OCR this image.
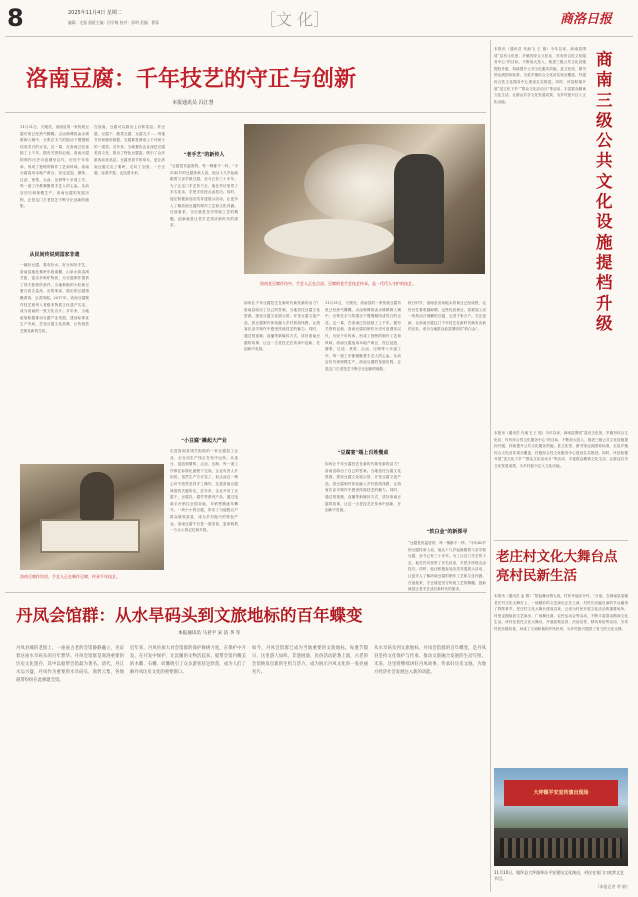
8	2025年11月4日 星期二
编辑：毛强 值班主编：田学敏 校对：郭明 美编：曹蓉	［文 化］	商洛日报
洛南豆腐：千年技艺的守正与创新
本报通讯员 冯江慧
11月31日，天刚亮，洛南县的一家传统豆腐坊里已经热气腾腾。点卤师傅将卤水缓缓倒入锅中，豆浆在木勺的搅动下慢慢凝结成雪白的豆花。这一幕，在洛南已经延续了上千年。据有关资料记载，洛南豆腐的制作历史可追溯至汉代，历经千年传承，形成了独特的制作工艺和风味。洛南豆腐选用本地产黄豆，经过浸泡、磨浆、过滤、煮浆、点卤、压制等十多道工序，每一道工序都凝聚着手艺人的心血。从前店后坊到规模生产，洛南豆腐的发展历程，正是这门古老技艺不断守正创新的缩影。
从民间传说到国家非遗
一碗好豆腐，要有好水、好豆和好手艺。洛南县地处秦岭东段南麓，山泉水质清冽甘甜，富含多种矿物质，为豆腐制作提供了得天独厚的条件。当地种植的小粒黄豆蛋白质含量高，出浆率高，做出的豆腐细嫩滑爽，豆香浓郁。2017年，洛南豆腐制作技艺被列入省级非物质文化遗产名录，成为洛南的一张文化名片。多年来，当地政府积极推动豆腐产业发展，建设标准化生产车间，打造豆腐文化品牌，让传统技艺焕发新的生机。
在洛南，豆腐可以做出上百种菜品。炸豆腐、豆腐干、酸菜豆腐、豆腐丸子……每逢节庆和婚丧嫁娶，豆腐都是餐桌上不可缺少的一道菜。近年来，当地餐饮企业深挖豆腐美食文化，推出了特色豆腐宴，吸引了众多游客前来品尝。豆腐美食节的举办，更让洛南豆腐走出了秦岭，走向了全国。一方豆腐，连着乡愁，也连着未来。
“老手艺”的新传人
“豆腐是有温度的，每一锅都不一样。”今年45岁的豆腐传承人说，他从十几岁起就跟着父亲学做豆腐，至今已有三十多年。为了让这门手艺传下去，他在作坊里带了多名徒弟，手把手传授点卤技巧。同时，他还积极参加各类非遗展示活动，让更多人了解洛南豆腐的制作工艺和文化内涵。在他看来，守正就是坚守传统工艺的精髓，创新就是让老手艺适应新时代的需求。
“小豆腐”撬起大产业
走进洛南县城关街道的一家豆腐加工企业，全自动生产线正在有序运转。从选豆、浸泡到磨浆、点卤、压制，每一道工序都在标准化流程下完成。企业负责人介绍说，虽然生产方式变了，但点卤这一核心环节依然坚持手工操作，这是洛南豆腐味道的关键所在。近年来，企业开发了豆腐干、豆腐乳、腐竹等系列产品，通过电商平台销往全国各地，年销售额逐年攀升。一块小小的豆腐，带动了当地数百户群众增收致富，成为乡村振兴的特色产业。洛南豆腐不仅是一道美食，更承载着一方水土的记忆和乡愁。
洛南老豆腐作坊中，手艺人正在点卤。豆腐的老手艺技艺传承，是一代代人守护的技艺。
如何让千年豆腐技艺在新时代焕发新的活力？洛南县给出了自己的答案。当地依托豆腐文化资源，建设豆腐文化展示馆，开发豆腐文创产品，将豆腐制作体验融入乡村旅游线路，让游客在亲手制作中感受传统技艺的魅力。同时，通过短视频、直播等新媒体方式，讲好洛南豆腐的故事，让这一古老技艺在传承中创新，在创新中发展。
11月31日，天刚亮，洛南县的一家传统豆腐坊里已经热气腾腾。点卤师傅将卤水缓缓倒入锅中，豆浆在木勺的搅动下慢慢凝结成雪白的豆花。这一幕，在洛南已经延续了上千年。据有关资料记载，洛南豆腐的制作历史可追溯至汉代，历经千年传承，形成了独特的制作工艺和风味。洛南豆腐选用本地产黄豆，经过浸泡、磨浆、过滤、煮浆、点卤、压制等十多道工序，每一道工序都凝聚着手艺人的心血。从前店后坊到规模生产，洛南豆腐的发展历程，正是这门古老技艺不断守正创新的缩影。
“豆腐宴”端上百姓餐桌
如何让千年豆腐技艺在新时代焕发新的活力？洛南县给出了自己的答案。当地依托豆腐文化资源，建设豆腐文化展示馆，开发豆腐文创产品，将豆腐制作体验融入乡村旅游线路，让游客在亲手制作中感受传统技艺的魅力。同时，通过短视频、直播等新媒体方式，讲好洛南豆腐的故事，让这一古老技艺在传承中创新，在创新中发展。
秋日时节，洛南县田间地头的黄豆已经成熟，农民们忙着收割晾晒。这些优质黄豆，将被加工成一块块洁白细嫩的豆腐，走进千家万户。守正创新，让洛南豆腐这门千年技艺在新时代焕发出新的光彩，成为当地群众致富增收的“软白金”。
“软白金”的新探寻
“豆腐是有温度的，每一锅都不一样。”今年45岁的豆腐传承人说，他从十几岁起就跟着父亲学做豆腐，至今已有三十多年。为了让这门手艺传下去，他在作坊里带了多名徒弟，手把手传授点卤技巧。同时，他还积极参加各类非遗展示活动，让更多人了解洛南豆腐的制作工艺和文化内涵。在他看来，守正就是坚守传统工艺的精髓，创新就是让老手艺适应新时代的需求。
洛南豆腐作坊里，手艺人正在制作豆腐，传承千年技艺。
丹凤会馆群：从水旱码头到文旅地标的百年蝶变
本报通讯员 马君平 宋 洁 李 军
丹凤县城的老街上，一座座古老的会馆静静矗立，见证着这座水旱码头的百年繁华。丹凤会馆群是商洛重要的历史文化遗存，其中以船帮会馆最为著名。清代，丹江水运兴盛，丹凤作为重要的水旱码头，商贾云集，各地商帮纷纷在此修建会馆。
近年来，丹凤县加大对会馆群的保护修缮力度，在保护中开发，在开发中保护，让沉睡的文物活起来。船帮会馆内精美的木雕、石雕、砖雕吸引了众多游客驻足欣赏，成为人们了解丹凤历史文化的重要窗口。
如今，丹凤会馆群已成为当地重要的文旅地标。每逢节假日，这里游人如织，非遗展演、民俗活动轮番上演，古老的会馆焕发出新的生机与活力，成为展示丹凤文化的一张亮丽名片。
从水旱码头到文旅地标，丹凤会馆群的百年蝶变，是丹凤县坚持文化保护与传承、推动文旅融合发展的生动写照。未来，这里将继续讲好丹凤故事，传承好历史文脉，为地方经济社会发展注入新的动能。
本报讯（通讯员 代朋飞 王 瑞）今年以来，商南县围绕“县有文化馆、乡镇有综合文化站、村有综合性文化服务中心”的目标，不断加大投入，推进三级公共文化设施提档升级，持续提升公共文化服务效能。县文化馆、图书馆达到国家标准，全县乡镇综合文化站实现全覆盖，村级综合性文化服务中心建设扎实推进。同时，该县积极开展“送文化下乡”“群众文化活动月”等活动，丰富群众精神文化生活，让群众共享文化发展成果，为乡村振兴注入文化动能。
商南三级公共文化设施提档升级
本报讯（通讯员 代朋飞 王 瑞）今年以来，商南县围绕“县有文化馆、乡镇有综合文化站、村有综合性文化服务中心”的目标，不断加大投入，推进三级公共文化设施提档升级，持续提升公共文化服务效能。县文化馆、图书馆达到国家标准，全县乡镇综合文化站实现全覆盖，村级综合性文化服务中心建设扎实推进。同时，该县积极开展“送文化下乡”“群众文化活动月”等活动，丰富群众精神文化生活，让群众共享文化发展成果，为乡村振兴注入文化动能。
老庄村文化大舞台点亮村民新生活
本报讯（通讯员 孟 娟）“搭起舞台唱大戏，村民幸福乐开怀。”日前，在商南县某镇老庄村文化大舞台上，一场精彩的文艺演出正在上演，村民们自编自演的节目赢得了阵阵掌声。老庄村文化大舞台建成以来，已成为村民开展文化活动的重要场所。村里定期组织文艺演出、广场舞比赛、农民运动会等活动，不断丰富群众精神文化生活。该村还依托文化大舞台，开展政策宣讲、法治宣传、移风易俗等活动，引导村民崇德向善，形成了文明和谐的乡风民风，为乡村振兴提供了有力的文化支撑。
大坪镇平安宣传演出现场
11月10日，镇坪县大坪镇举办平安建设文化演出，村民在家门口欣赏文艺节目。
（本报记者 李 娟）
